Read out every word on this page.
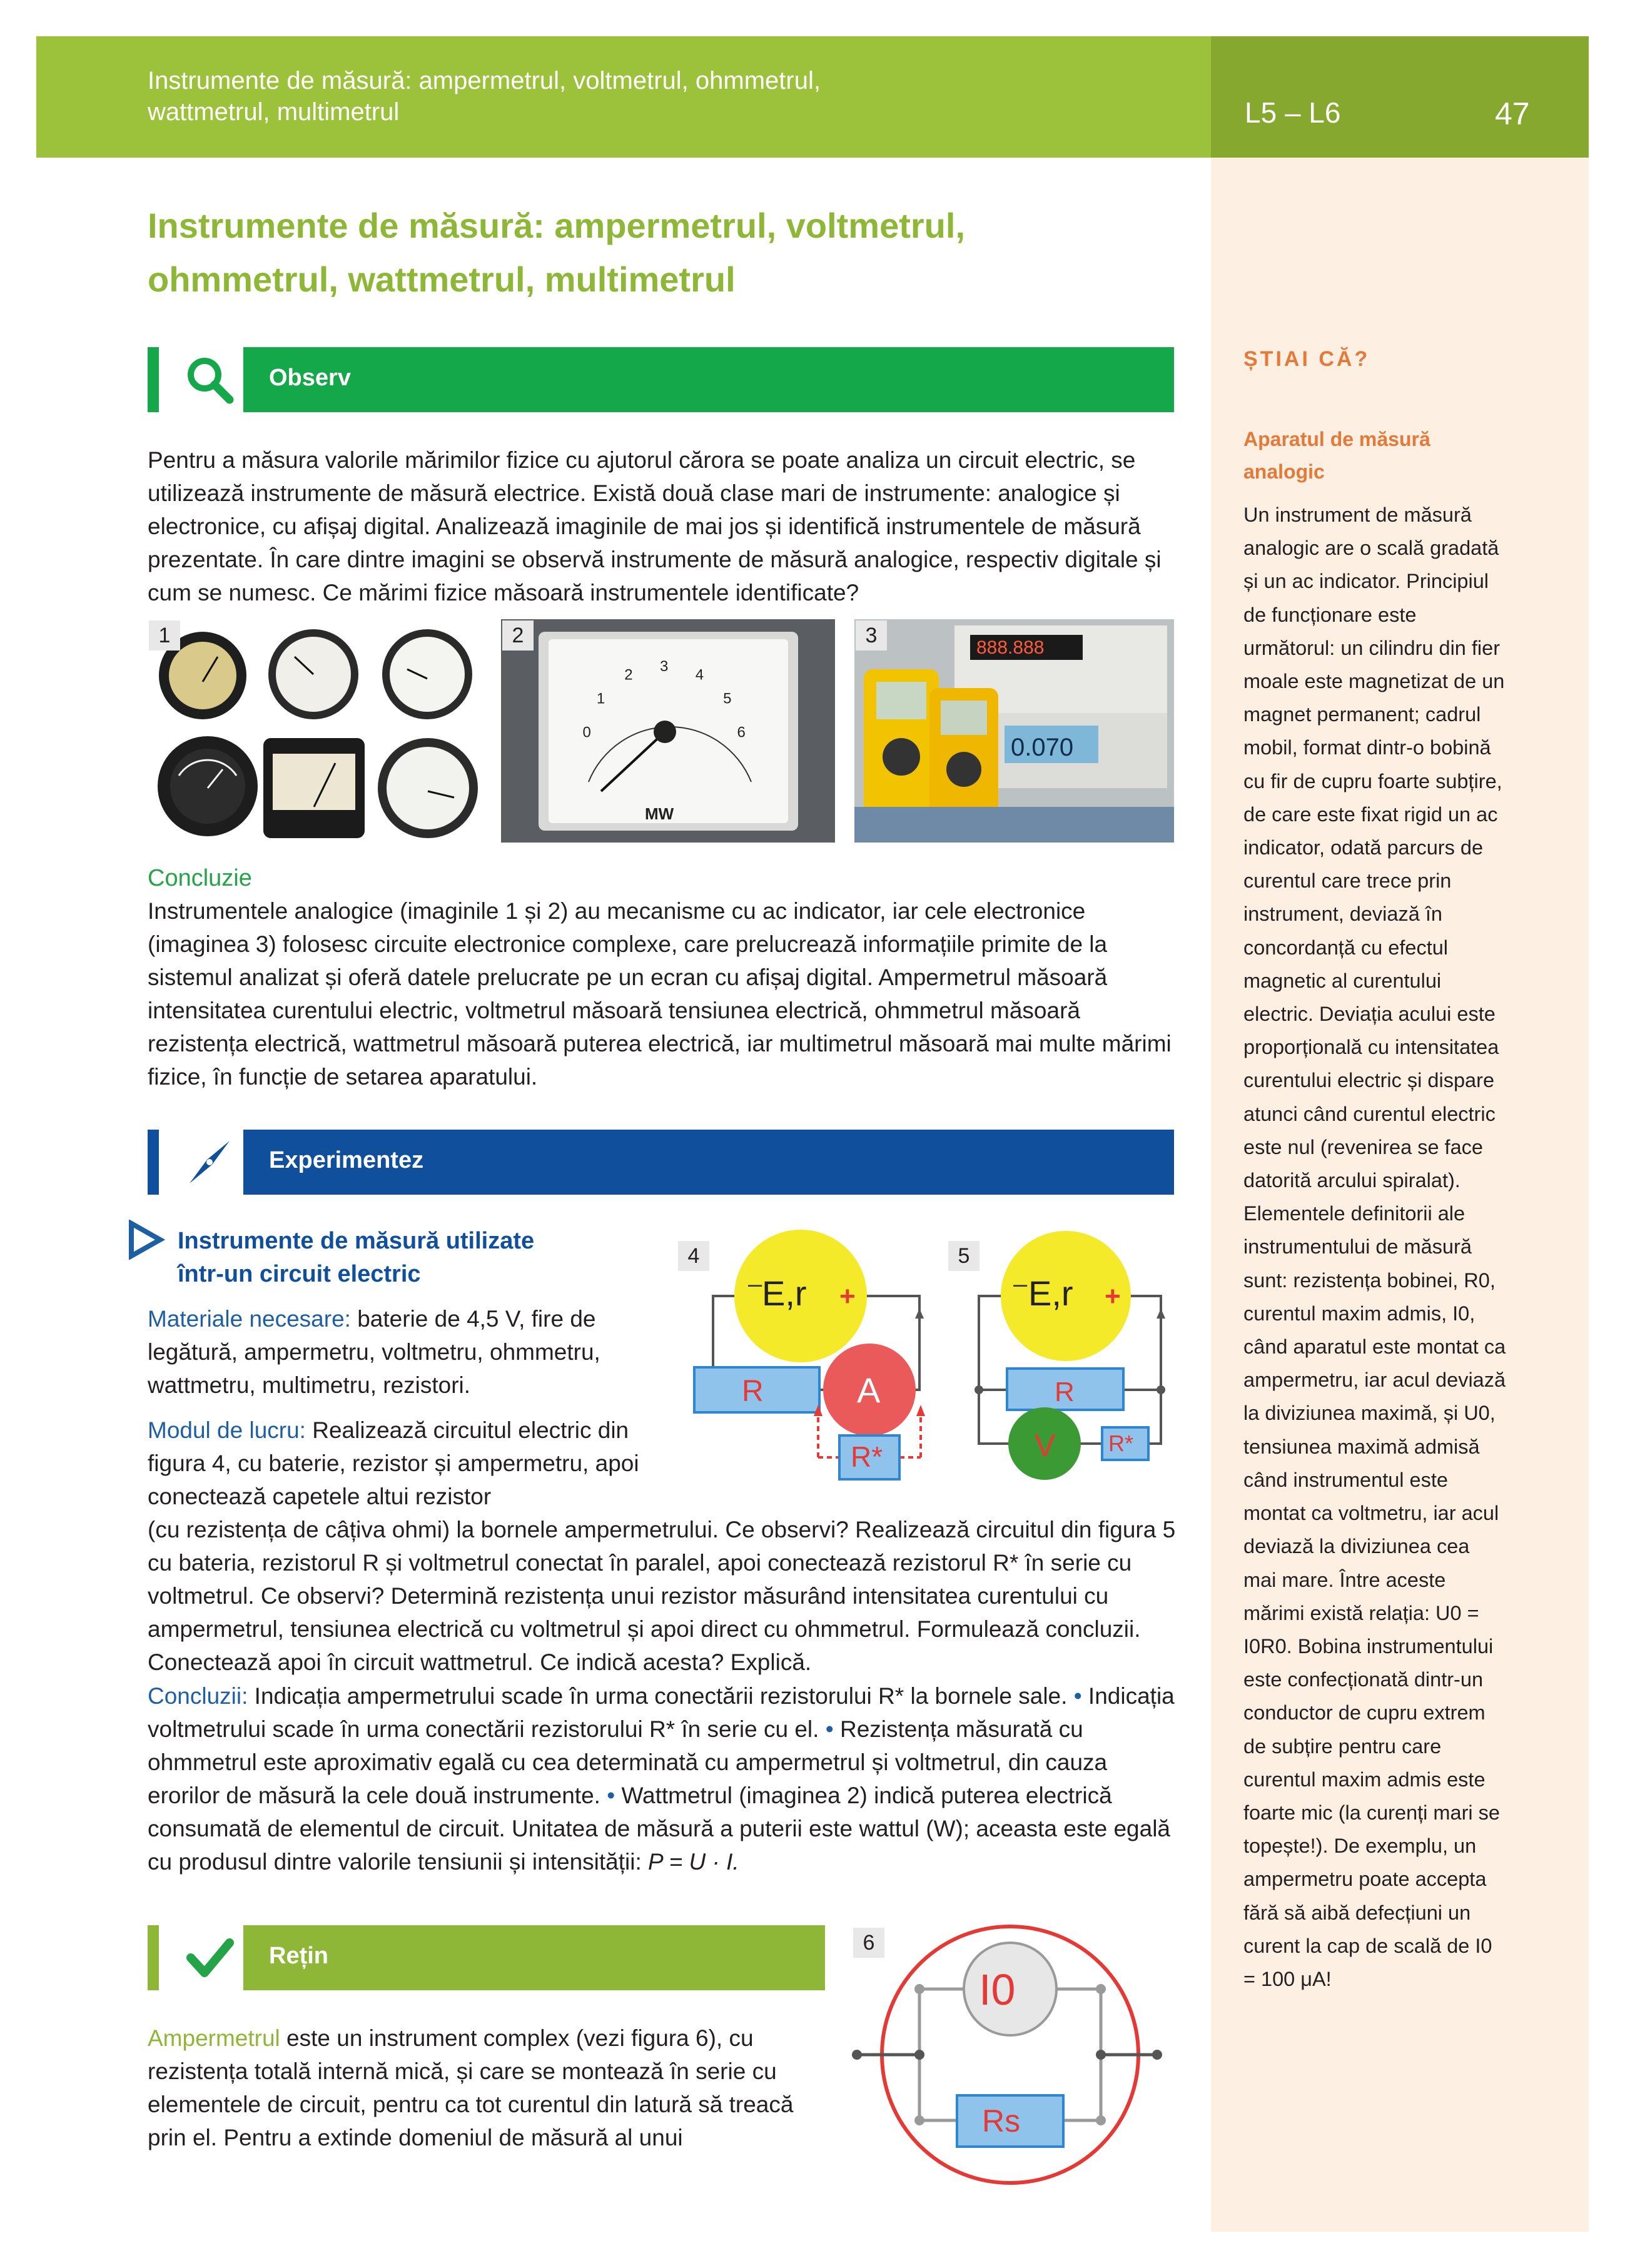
Instrumente de măsură: ampermetrul, voltmetrul, ohmmetrul,
wattmetrul, multimetrul	L5 – L6	47
ȘTIAI CĂ?
Aparatul de măsură analogic
Un instrument de măsură analogic are o scală gradată și un ac indicator. Principiul de funcționare este următorul: un cilindru din fier moale este magnetizat de un magnet permanent; cadrul mobil, format dintr-o bobină cu fir de cupru foarte subțire, de care este fixat rigid un ac indicator, odată parcurs de curentul care trece prin instrument, deviază în concordanță cu efectul magnetic al curentului electric. Deviația acului este proporțională cu intensitatea curentului electric și dispare atunci când curentul electric este nul (revenirea se face datorită arcului spiralat). Elementele definitorii ale instrumentului de măsură sunt: rezistența bobinei, R0, curentul maxim admis, I0, când aparatul este montat ca ampermetru, iar acul deviază la diviziunea maximă, și U0, tensiunea maximă admisă când instrumentul este montat ca voltmetru, iar acul deviază la diviziunea cea mai mare. Între aceste mărimi există relația: U0 = I0R0. Bobina instrumentului este confecționată dintr-un conductor de cupru extrem de subțire pentru care curentul maxim admis este foarte mic (la curenți mari se topește!). De exemplu, un ampermetru poate accepta fără să aibă defecțiuni un curent la cap de scală de I0 = 100 μA!
Instrumente de măsură: ampermetrul, voltmetrul,
ohmmetrul, wattmetrul, multimetrul
Observ
Pentru a măsura valorile mărimilor fizice cu ajutorul cărora se poate analiza un circuit electric, se utilizează instrumente de măsură electrice. Există două clase mari de instrumente: analogice și electronice, cu afișaj digital. Analizează imaginile de mai jos și identifică instrumentele de măsură prezentate. În care dintre imagini se observă instrumente de măsură analogice, respectiv digitale și cum se numesc. Ce mărimi fizice măsoară instrumentele identificate?
1
MW
0
1
2
3
4
5
6
2
888.888
0.070
3
Concluzie
Instrumentele analogice (imaginile 1 și 2) au mecanisme cu ac indicator, iar cele electronice (imaginea 3) folosesc circuite electronice complexe, care prelucrează informațiile primite de la sistemul analizat și oferă datele prelucrate pe un ecran cu afișaj digital. Ampermetrul măsoară intensitatea curentului electric, voltmetrul măsoară tensiunea electrică, ohmmetrul măsoară rezistența electrică, wattmetrul măsoară puterea electrică, iar multimetrul măsoară mai multe mărimi fizice, în funcție de setarea aparatului.
Experimentez
Instrumente de măsură utilizate
într-un circuit electric
Materiale necesare: baterie de 4,5 V, fire de legătură, ampermetru, voltmetru, ohmmetru, wattmetru, multimetru, rezistori.
Modul de lucru: Realizează circuitul electric din figura 4, cu baterie, rezistor și ampermetru, apoi conectează capetele altui rezistor
(cu rezistența de câțiva ohmi) la bornele ampermetrului. Ce observi? Realizează circuitul din figura 5 cu bateria, rezistorul R și voltmetrul conectat în paralel, apoi conectează rezistorul R* în serie cu voltmetrul. Ce observi? Determină rezistența unui rezistor măsurând intensitatea curentului cu ampermetrul, tensiunea electrică cu voltmetrul și apoi direct cu ohmmetrul. Formulează concluzii. Conectează apoi în circuit wattmetrul. Ce indică acesta? Explică.
Concluzii: Indicația ampermetrului scade în urma conectării rezistorului R* la bornele sale. • Indicația voltmetrului scade în urma conectării rezistorului R* în serie cu el. • Rezistența măsurată cu ohmmetrul este aproximativ egală cu cea determinată cu ampermetrul și voltmetrul, din cauza erorilor de măsură la cele două instrumente. • Wattmetrul (imaginea 2) indică puterea electrică consumată de elementul de circuit. Unitatea de măsură a puterii este wattul (W); aceasta este egală cu produsul dintre valorile tensiunii și intensității: P = U · I.
4
– E,r +
R	A
R*
5
– E,r +
R
V R*
Rețin
Ampermetrul este un instrument complex (vezi figura 6), cu rezistența totală internă mică, și care se montează în serie cu elementele de circuit, pentru ca tot curentul din latură să treacă prin el. Pentru a extinde domeniul de măsură al unui
6
I0
Rs
